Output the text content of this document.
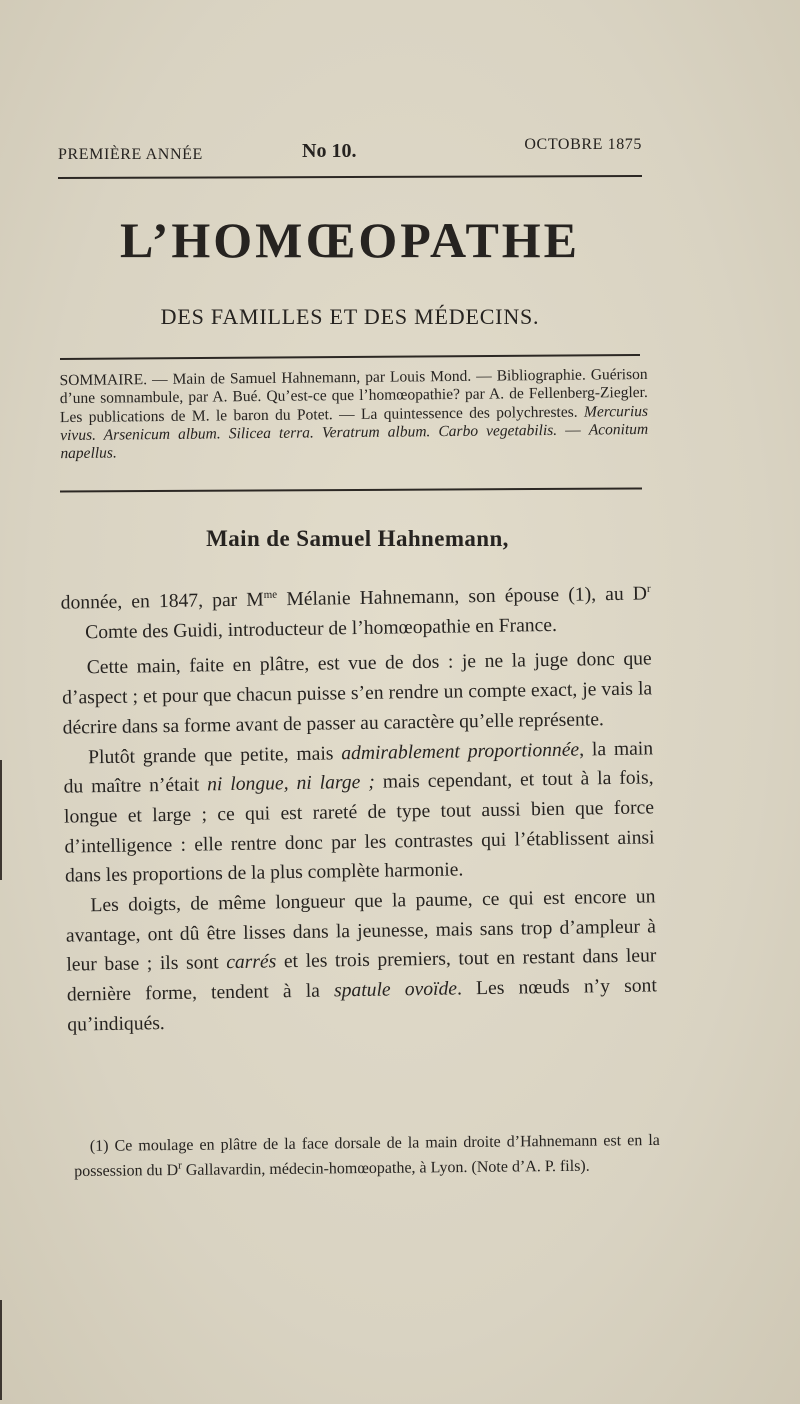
PREMIÈRE ANNÉE	No 10.	OCTOBRE 1875
L’HOMŒOPATHE
DES FAMILLES ET DES MÉDECINS.
SOMMAIRE. — Main de Samuel Hahnemann, par Louis Mond. — Bibliographie. Guérison d’une somnambule, par A. Bué. Qu’est-ce que l’homœopathie? par A. de Fellenberg-Ziegler. Les publications de M. le baron du Potet. — La quintessence des polychrestes. Mercurius vivus. Arsenicum album. Silicea terra. Veratrum album. Carbo vegetabilis. — Aconitum napellus.
Main de Samuel Hahnemann,

donnée, en 1847, par $M^{me}$ Mélanie Hahnemann, son épouse (1), au $D^r$ Comte des Guidi, introducteur de l’homœopathie en France.

Cette main, faite en plâtre, est vue de dos : je ne la juge donc que d’aspect ; et pour que chacun puisse s’en rendre un compte exact, je vais la décrire dans sa forme avant de passer au caractère qu’elle représente.

Plutôt grande que petite, mais admirablement proportionnée, la main du maître n’était ni longue, ni large ; mais cependant, et tout à la fois, longue et large ; ce qui est rareté de type tout aussi bien que force d’intelligence : elle rentre donc par les contrastes qui l’établissent ainsi dans les proportions de la plus complète harmonie.

Les doigts, de même longueur que la paume, ce qui est encore un avantage, ont dû être lisses dans la jeunesse, mais sans trop d’ampleur à leur base ; ils sont carrés et les trois premiers, tout en restant dans leur dernière forme, tendent à la spatule ovoïde. Les nœuds n’y sont qu’indiqués.

(1) Ce moulage en plâtre de la face dorsale de la main droite d’Hahnemann est en la possession du $D^r$ Gallavardin, médecin-homœopathe, à Lyon. (Note d’A. P. fils).
